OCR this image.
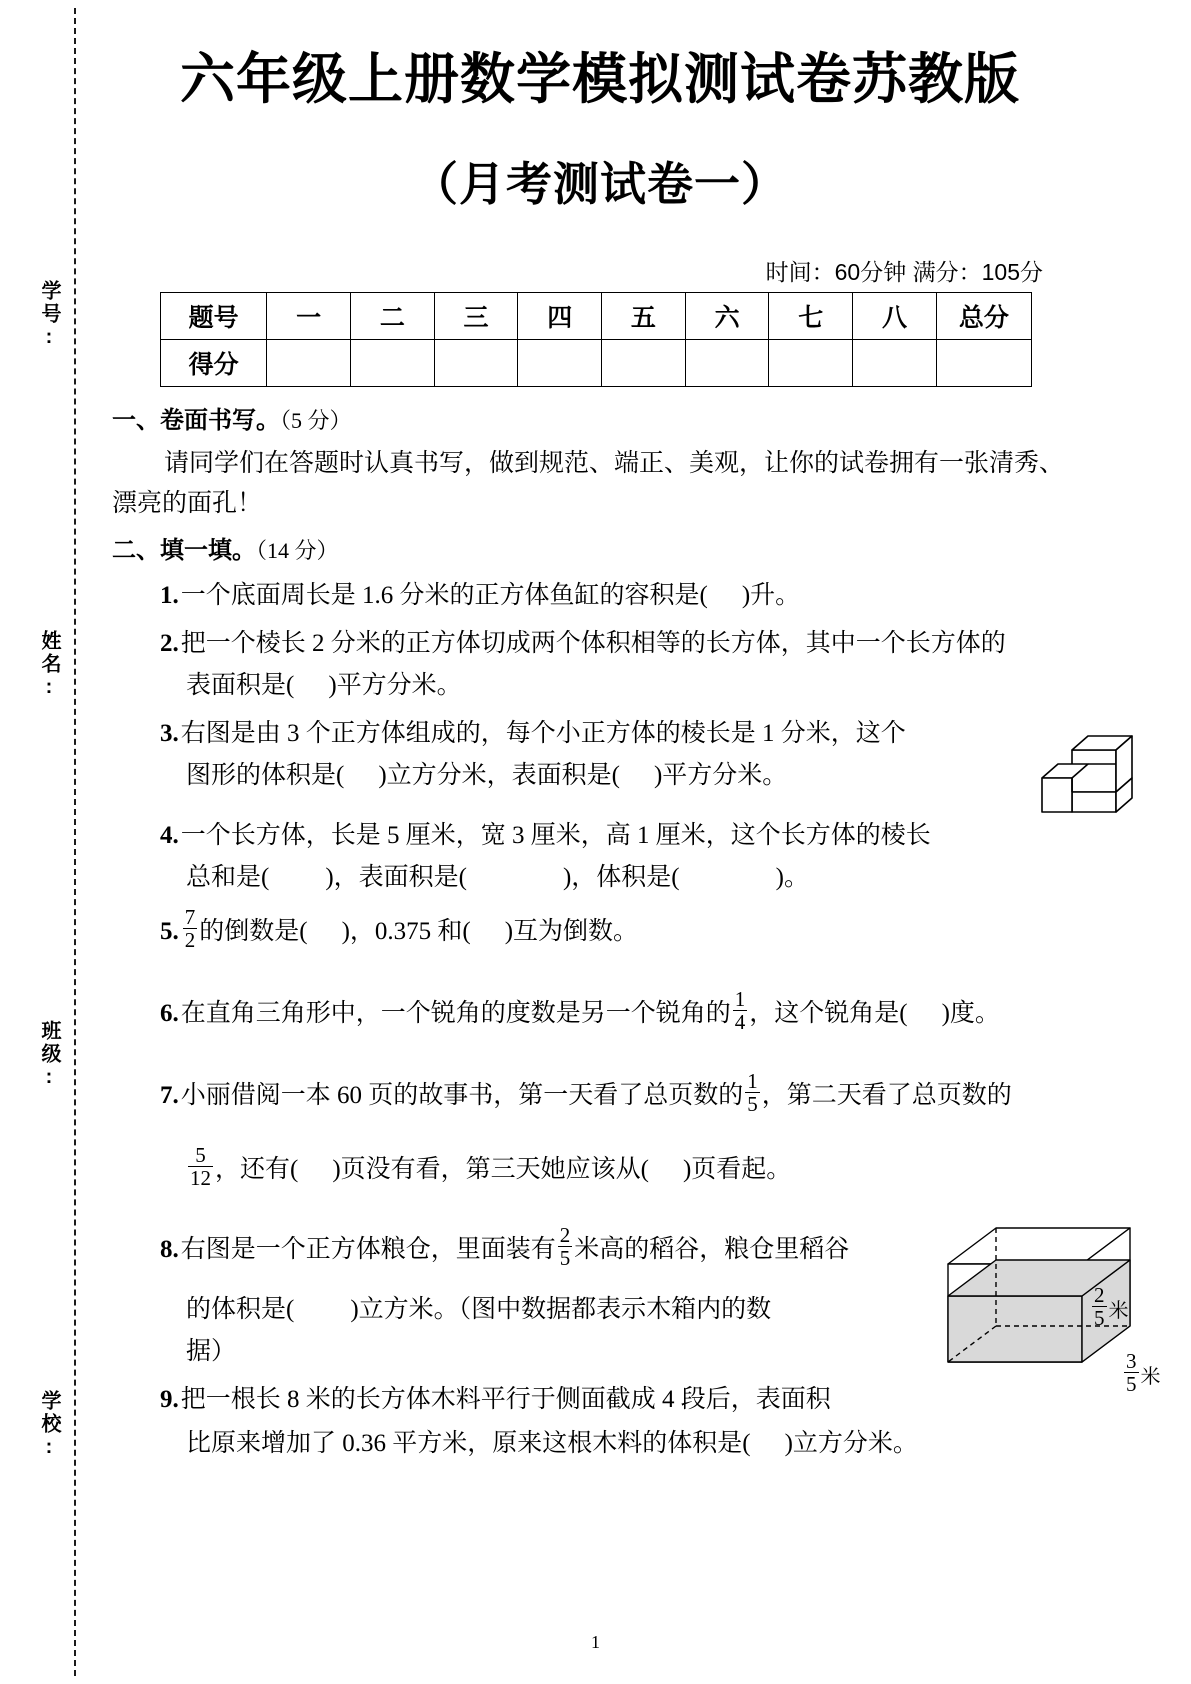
学号:
姓名:
班级:
学校:
六年级上册数学模拟测试卷苏教版
（月考测试卷一）
时间：60分钟 满分：105分
题号	一	二	三	四	五	六	七	八	总分
得分									
一、卷面书写。（5 分）
请同学们在答题时认真书写，做到规范、端正、美观，让你的试卷拥有一张清秀、
漂亮的面孔！
二、填一填。（14 分）
1.一个底面周长是 1.6 分米的正方体鱼缸的容积是( )升。
2.把一个棱长 2 分米的正方体切成两个体积相等的长方体，其中一个长方体的
表面积是( )平方分米。
3.右图是由 3 个正方体组成的，每个小正方体的棱长是 1 分米，这个
图形的体积是( )立方分米，表面积是( )平方分米。
4.一个长方体，长是 5 厘米，宽 3 厘米，高 1 厘米，这个长方体的棱长
总和是( )，表面积是(	)，体积是(	)。
5. $\frac{7}{2}$ 的倒数是( )，0.375 和( )互为倒数。
6.在直角三角形中，一个锐角的度数是另一个锐角的 $\frac{1}{4}$ ，这个锐角是( )度。
7.小丽借阅一本 60 页的故事书，第一天看了总页数的 $\frac{1}{5}$ ，第二天看了总页数的
$\frac{5}{12}$ ，还有( )页没有看，第三天她应该从( )页看起。
8.右图是一个正方体粮仓，里面装有 $\frac{2}{5}$ 米高的稻谷，粮仓里稻谷
的体积是( )立方米。（图中数据都表示木箱内的数
据）
$\frac{2}{5}$ 米
$\frac{3}{5}$ 米
9.把一根长 8 米的长方体木料平行于侧面截成 4 段后，表面积
比原来增加了 0.36 平方米，原来这根木料的体积是( )立方分米。
1
